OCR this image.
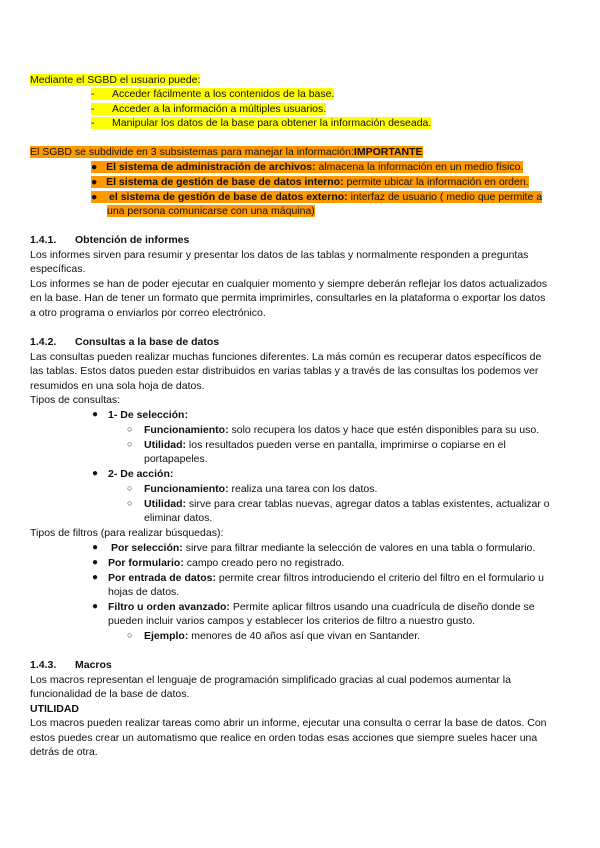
Mediante el SGBD el usuario puede:
- Acceder fácilmente a los contenidos de la base.
- Acceder a la información a múltiples usuarios.
- Manipular los datos de la base para obtener la información deseada.
El SGBD se subdivide en 3 subsistemas para manejar la información:IMPORTANTE
●   El sistema de administración de archivos: almacena la información en un medio físico.
●   El sistema de gestión de base de datos interno: permite ubicar la información en orden.
●    el sistema de gestión de base de datos externo: interfaz de usuario ( medio que permite a
una persona comunicarse con una máquina)
1.4.1. Obtención de informes
Los informes sirven para resumir y presentar los datos de las tablas y normalmente responden a preguntas
específicas.
Los informes se han de poder ejecutar en cualquier momento y siempre deberán reflejar los datos actualizados
en la base. Han de tener un formato que permita imprimirles, consultarles en la plataforma o exportar los datos
a otro programa o enviarlos por correo electrónico.
1.4.2. Consultas a la base de datos
Las consultas pueden realizar muchas funciones diferentes. La más común es recuperar datos específicos de
las tablas. Estos datos pueden estar distribuidos en varias tablas y a través de las consultas los podemos ver
resumidos en una sola hoja de datos.
Tipos de consultas:
● 1- De selección:
○ Funcionamiento: solo recupera los datos y hace que estén disponibles para su uso.
○ Utilidad: los resultados pueden verse en pantalla, imprimirse o copiarse en el
portapapeles.
● 2- De acción:
○ Funcionamiento: realiza una tarea con los datos.
○ Utilidad: sirve para crear tablas nuevas, agregar datos a tablas existentes, actualizar o
eliminar datos.
Tipos de filtros (para realizar búsquedas):
● Por selección: sirve para filtrar mediante la selección de valores en una tabla o formulario.
● Por formulario: campo creado pero no registrado.
● Por entrada de datos: permite crear filtros introduciendo el criterio del filtro en el formulario u
hojas de datos.
● Filtro u orden avanzado: Permite aplicar filtros usando una cuadrícula de diseño donde se
pueden incluir varios campos y establecer los criterios de filtro a nuestro gusto.
○ Ejemplo: menores de 40 años así que vivan en Santander.
1.4.3. Macros
Los macros representan el lenguaje de programación simplificado gracias al cual podemos aumentar la
funcionalidad de la base de datos.
UTILIDAD
Los macros pueden realizar tareas como abrir un informe, ejecutar una consulta o cerrar la base de datos. Con
estos puedes crear un automatismo que realice en orden todas esas acciones que siempre sueles hacer una
detrás de otra.
